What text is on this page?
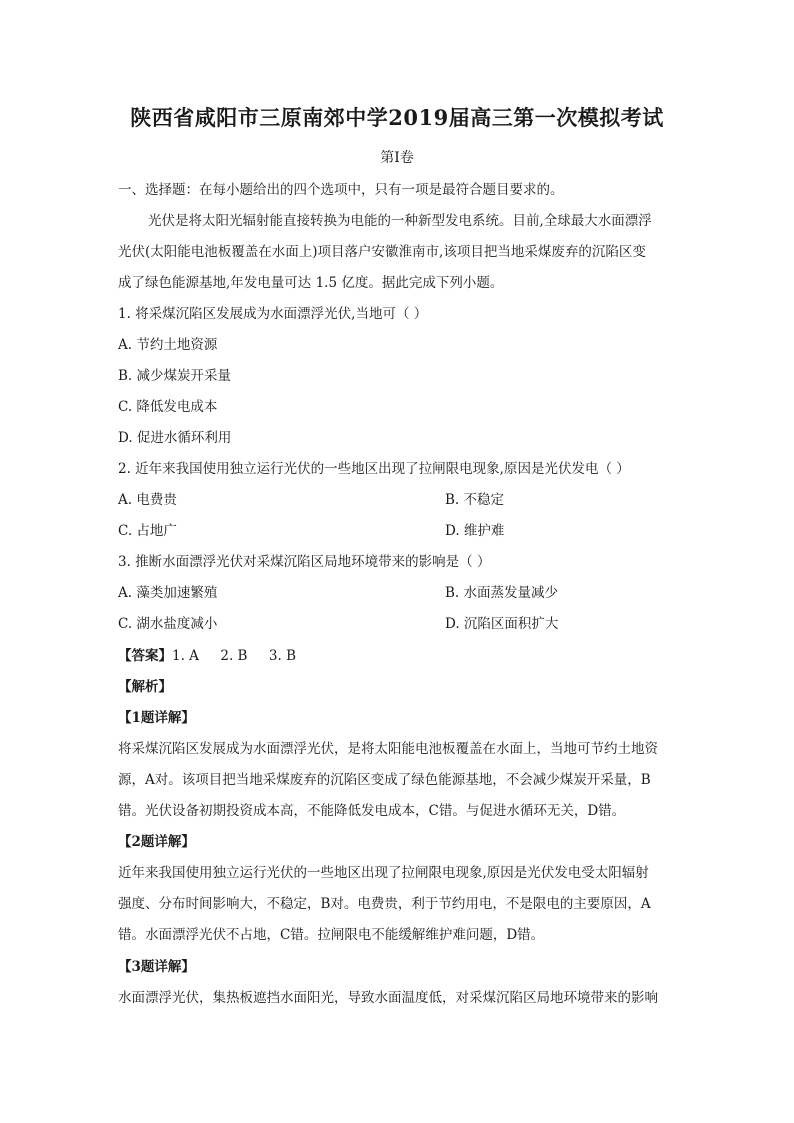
陕西省咸阳市三原南郊中学2019届高三第一次模拟考试
第Ⅰ卷
一、选择题：在每小题给出的四个选项中，只有一项是最符合题目要求的。
光伏是将太阳光辐射能直接转换为电能的一种新型发电系统。目前,全球最大水面漂浮
光伏(太阳能电池板覆盖在水面上)项目落户安徽淮南市,该项目把当地采煤废弃的沉陷区变
成了绿色能源基地,年发电量可达 1.5 亿度。据此完成下列小题。
1. 将采煤沉陷区发展成为水面漂浮光伏,当地可（ ）
A. 节约土地资源
B. 减少煤炭开采量
C. 降低发电成本
D. 促进水循环利用
2. 近年来我国使用独立运行光伏的一些地区出现了拉闸限电现象,原因是光伏发电（ ）
A. 电费贵	B. 不稳定
C. 占地广	D. 维护难
3. 推断水面漂浮光伏对采煤沉陷区局地环境带来的影响是（ ）
A. 藻类加速繁殖	B. 水面蒸发量减少
C. 湖水盐度减小	D. 沉陷区面积扩大
【答案】1. A     2. B     3. B
【解析】
【1题详解】
将采煤沉陷区发展成为水面漂浮光伏，是将太阳能电池板覆盖在水面上，当地可节约土地资
源，A对。该项目把当地采煤废弃的沉陷区变成了绿色能源基地，不会减少煤炭开采量，B
错。光伏设备初期投资成本高，不能降低发电成本，C错。与促进水循环无关，D错。
【2题详解】
近年来我国使用独立运行光伏的一些地区出现了拉闸限电现象,原因是光伏发电受太阳辐射
强度、分布时间影响大，不稳定，B对。电费贵，利于节约用电，不是限电的主要原因，A
错。水面漂浮光伏不占地，C错。拉闸限电不能缓解维护难问题，D错。
【3题详解】
水面漂浮光伏，集热板遮挡水面阳光，导致水面温度低，对采煤沉陷区局地环境带来的影响
